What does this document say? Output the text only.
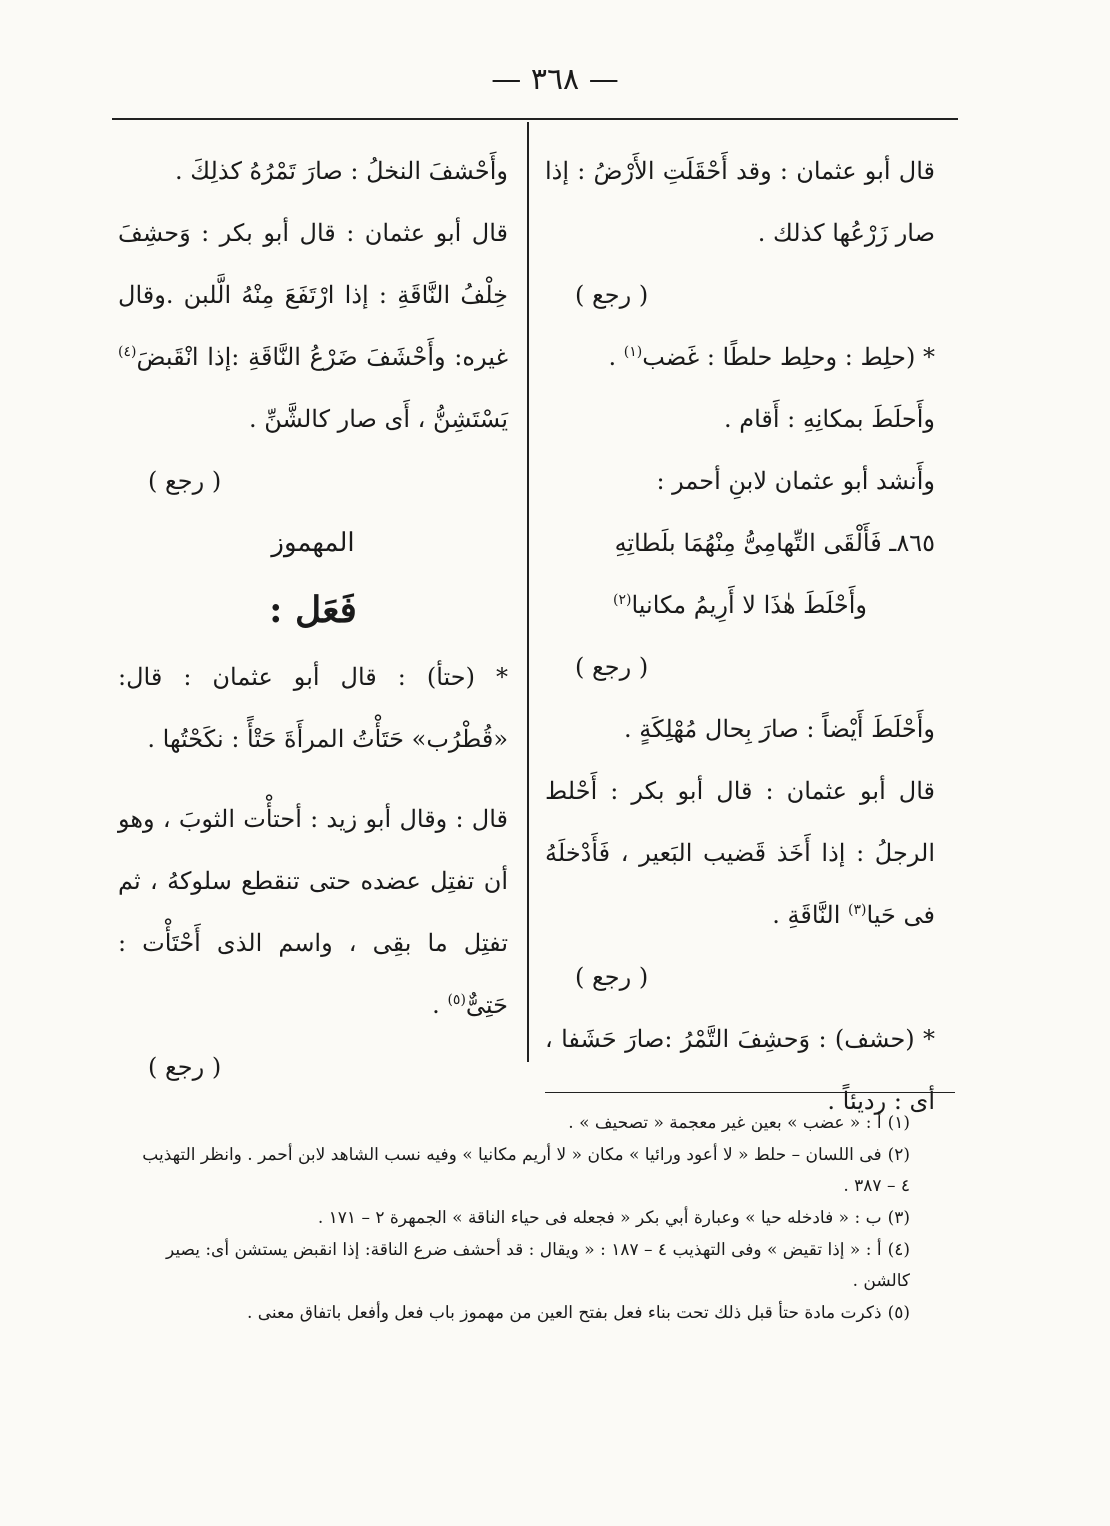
— ٣٦٨ —

قال أبو عثمان : وقد أَحْقَلَتِ الأَرْضُ : إذا صار زَرْعُها كذلك .

( رجع )

* (حلِط : وحلِط حلطًا : غَضب$^{(١)}$ .

وأَحلَطَ بمكانِهِ : أَقام .

وأَنشد أبو عثمان لابنِ أحمر :

٨٦٥ـ فَأَلْقَى التِّهامِىُّ مِنْهُمَا بلَطاتِهِ

وأَحْلَطَ هٰذَا لا أَرِيمُ مكانيا$^{(٢)}$

( رجع )

وأَحْلَطَ أَيْضاً : صارَ بِحال مُهْلِكَةٍ .

قال أبو عثمان : قال أبو بكر : أَحْلط الرجلُ : إذا أَخَذ قَضيب البَعير ، فَأَدْخلَهُ فى حَيا$^{(٣)}$ النَّاقَةِ .

( رجع )

* (حشف) : وَحشِفَ التَّمْرُ :صارَ حَشَفا ، أى : رديئاً .

وأَحْشفَ النخلُ : صارَ تَمْرُهُ كذلِكَ .

قال أبو عثمان : قال أبو بكر : وَحشِفَ خِلْفُ النَّاقَةِ : إذا ارْتَفَعَ مِنْهُ الَّلبن .وقال غيره: وأَحْشَفَ ضَرْعُ النَّاقَةِ :إذا انْقَبضَ$^{(٤)}$ يَسْتَشِنُّ ، أَى صار كالشَّنِّ .

( رجع )

المهموز

فَعَل :

* (حتأ) : قال أبو عثمان : قال: «قُطْرُب» حَتَأْتُ المرأَةَ حَتْأً : نكَحْتُها .

قال : وقال أبو زيد : أحتأْت الثوبَ ، وهو أن تفتِل عضده حتى تنقطع سلوكهُ ، ثم تفتِل ما بقِى ، واسم الذى أَحْتَأْت : حَتِىٌّ$^{(٥)}$ .

( رجع )

(١)أ : « عضب » بعين غير معجمة « تصحيف » .

(٢)فى اللسان – حلط « لا أعود ورائيا » مكان « لا أريم مكانيا » وفيه نسب الشاهد لابن أحمر . وانظر التهذيب ٤ – ٣٨٧ .

(٣)ب : « فادخله حيا » وعبارة أبي بكر « فجعله فى حياء الناقة » الجمهرة ٢ – ١٧١ .

(٤)أ : « إذا تقيض » وفى التهذيب ٤ – ١٨٧ : « ويقال : قد أحشف ضرع الناقة: إذا انقبض يستشن أى: يصير كالشن .

(٥)ذكرت مادة حتأ قبل ذلك تحت بناء فعل بفتح العين من مهموز باب فعل وأفعل باتفاق معنى .
